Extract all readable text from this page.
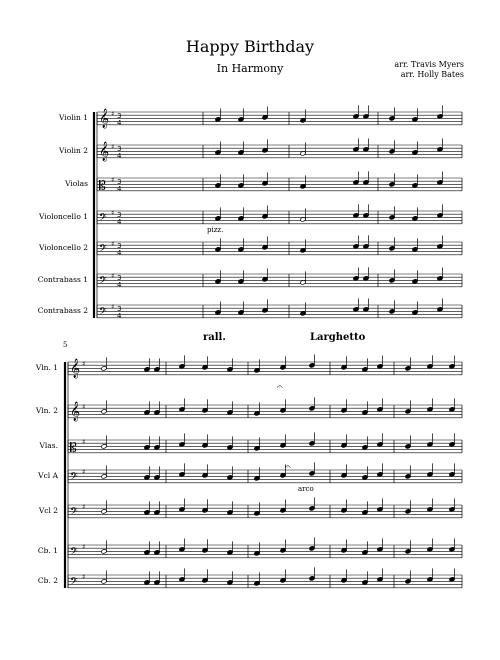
Happy Birthday
In Harmony	arr. Travis Myers
arr. Holly Bates
Violin 1
Violin 2
Violas
Violoncello 1
Violoncello 2
Contrabass 1
Contrabass 2
Vln. 1
Vln. 2
Vlas.
Vcl A
Vcl 2
Cb. 1
Cb. 2
pizz.
arco
rall.	Larghetto
5
𝄞 ♯ 3
4
𝄞 ♯ 3
4
𝄡 ♯ 3
4
𝄢 ♯ 3
4
𝄢 ♯ 3
4
𝄢 ♯ 3
4
𝄢 ♯ 3
4
𝄞 ♯
𝄞 ♯
𝄡 ♯
𝄢 ♯
𝄢 ♯
𝄢 ♯
𝄢 ♯
𝄐
𝄐
